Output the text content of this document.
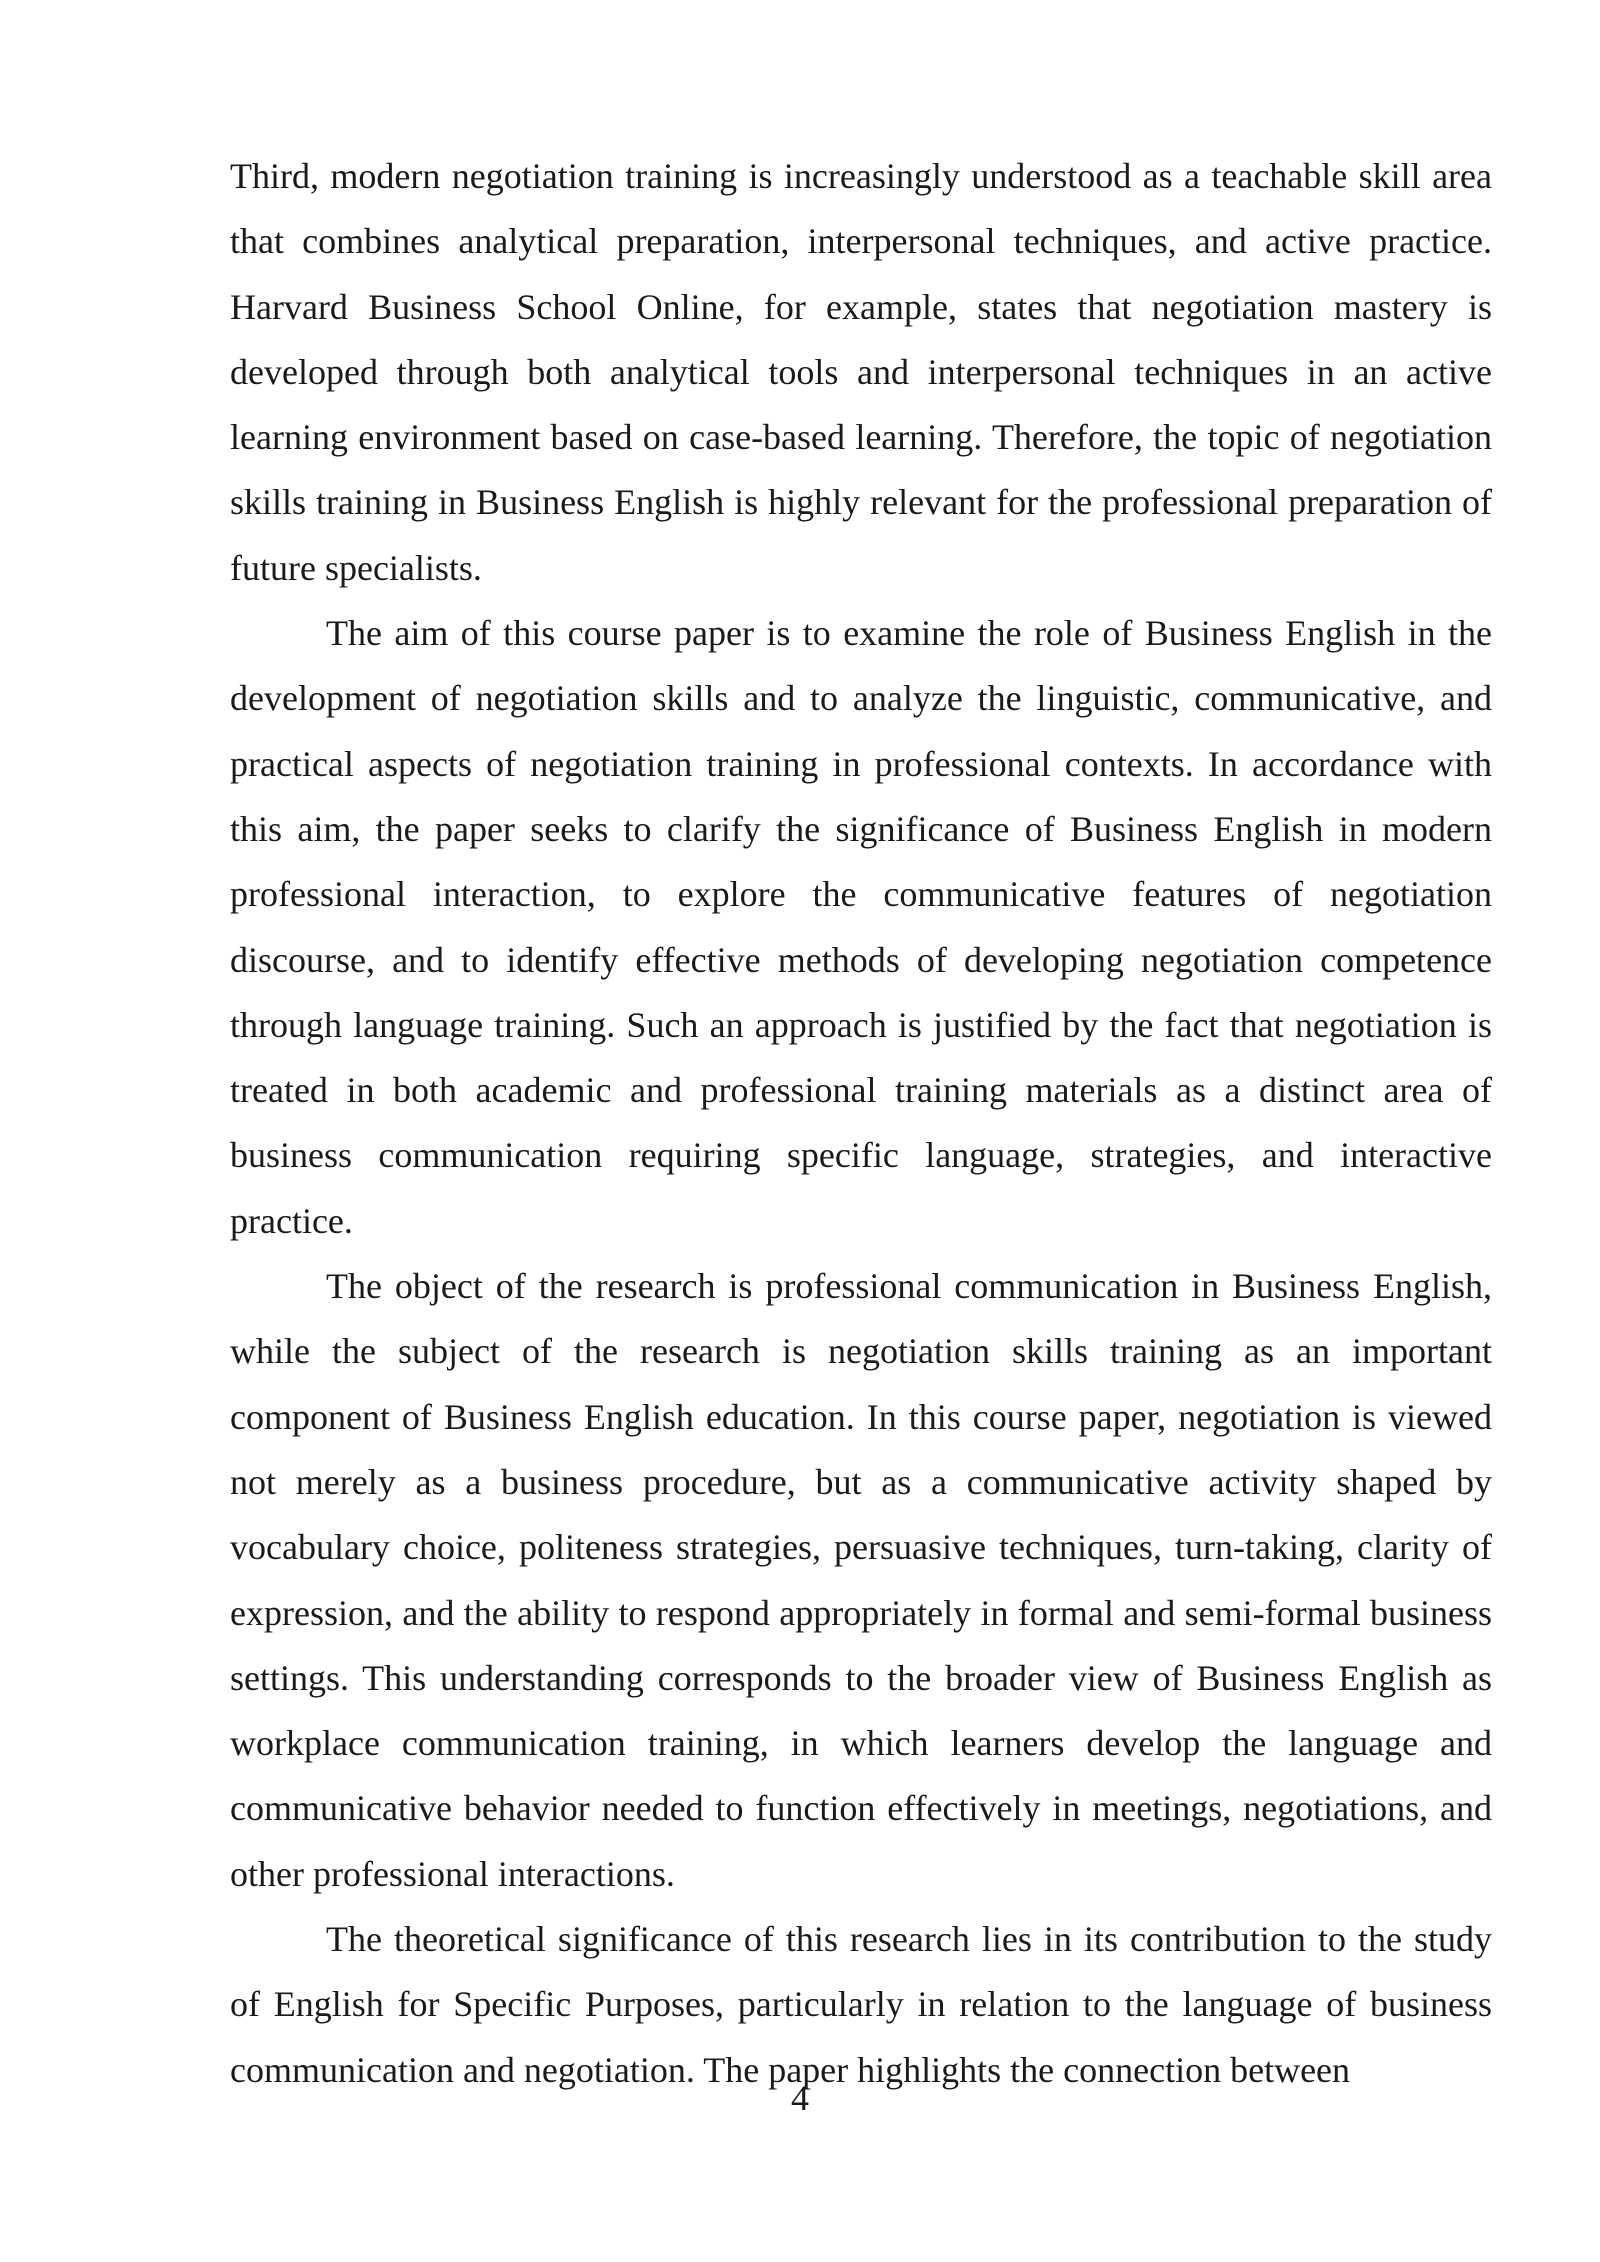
Third, modern negotiation training is increasingly understood as a teachable skill area that combines analytical preparation, interpersonal techniques, and active practice. Harvard Business School Online, for example, states that negotiation mastery is developed through both analytical tools and interpersonal techniques in an active learning environment based on case-based learning. Therefore, the topic of negotiation skills training in Business English is highly relevant for the professional preparation of future specialists.

The aim of this course paper is to examine the role of Business English in the development of negotiation skills and to analyze the linguistic, communicative, and practical aspects of negotiation training in professional contexts. In accordance with this aim, the paper seeks to clarify the significance of Business English in modern professional interaction, to explore the communicative features of negotiation discourse, and to identify effective methods of developing negotiation competence through language training. Such an approach is justified by the fact that negotiation is treated in both academic and professional training materials as a distinct area of business communication requiring specific language, strategies, and interactive practice.

The object of the research is professional communication in Business English, while the subject of the research is negotiation skills training as an important component of Business English education. In this course paper, negotiation is viewed not merely as a business procedure, but as a communicative activity shaped by vocabulary choice, politeness strategies, persuasive techniques, turn-taking, clarity of expression, and the ability to respond appropriately in formal and semi-formal business settings. This understanding corresponds to the broader view of Business English as workplace communication training, in which learners develop the language and communicative behavior needed to function effectively in meetings, negotiations, and other professional interactions.

The theoretical significance of this research lies in its contribution to the study of English for Specific Purposes, particularly in relation to the language of business communication and negotiation. The paper highlights the connection between

4
